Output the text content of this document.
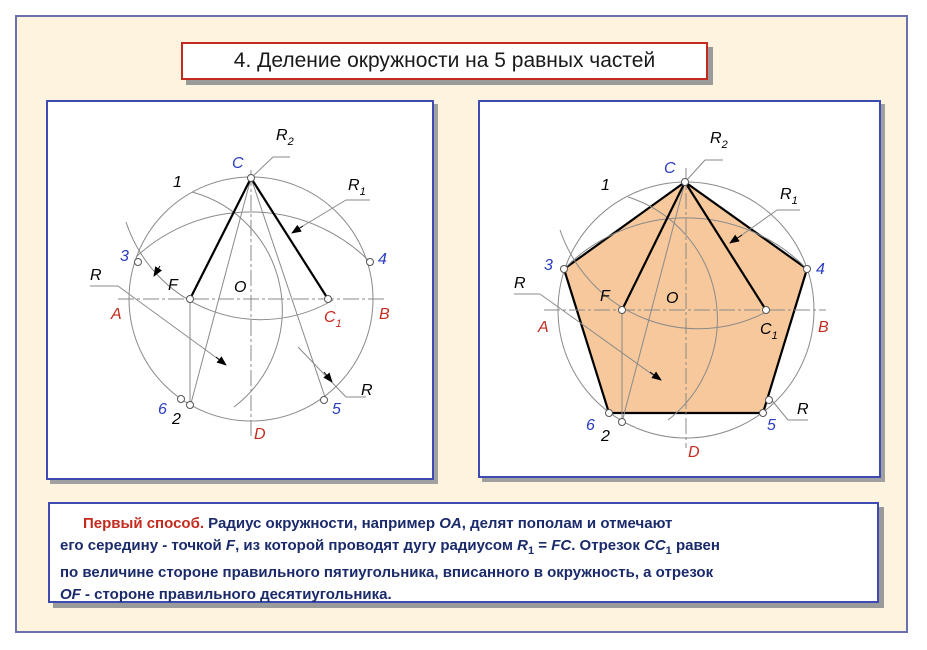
4. Деление окружности на 5 равных частей
C
$R_2$
$R_1$
1
3	4
R
A	B
F	O
$C_1$
R
6
2
5
D
C
$R_2$
$R_1$
1
3	4
R
A	B
F	O
$C_1$
R
6
2
5
D
Первый способ. Радиус окружности, например OA, делят пополам и отмечают
его середину - точкой F, из которой проводят дугу радиусом $R_1$ = FC. Отрезок $CC_1$ равен
по величине стороне правильного пятиугольника, вписанного в окружность, а отрезок
OF - стороне правильного десятиугольника.
